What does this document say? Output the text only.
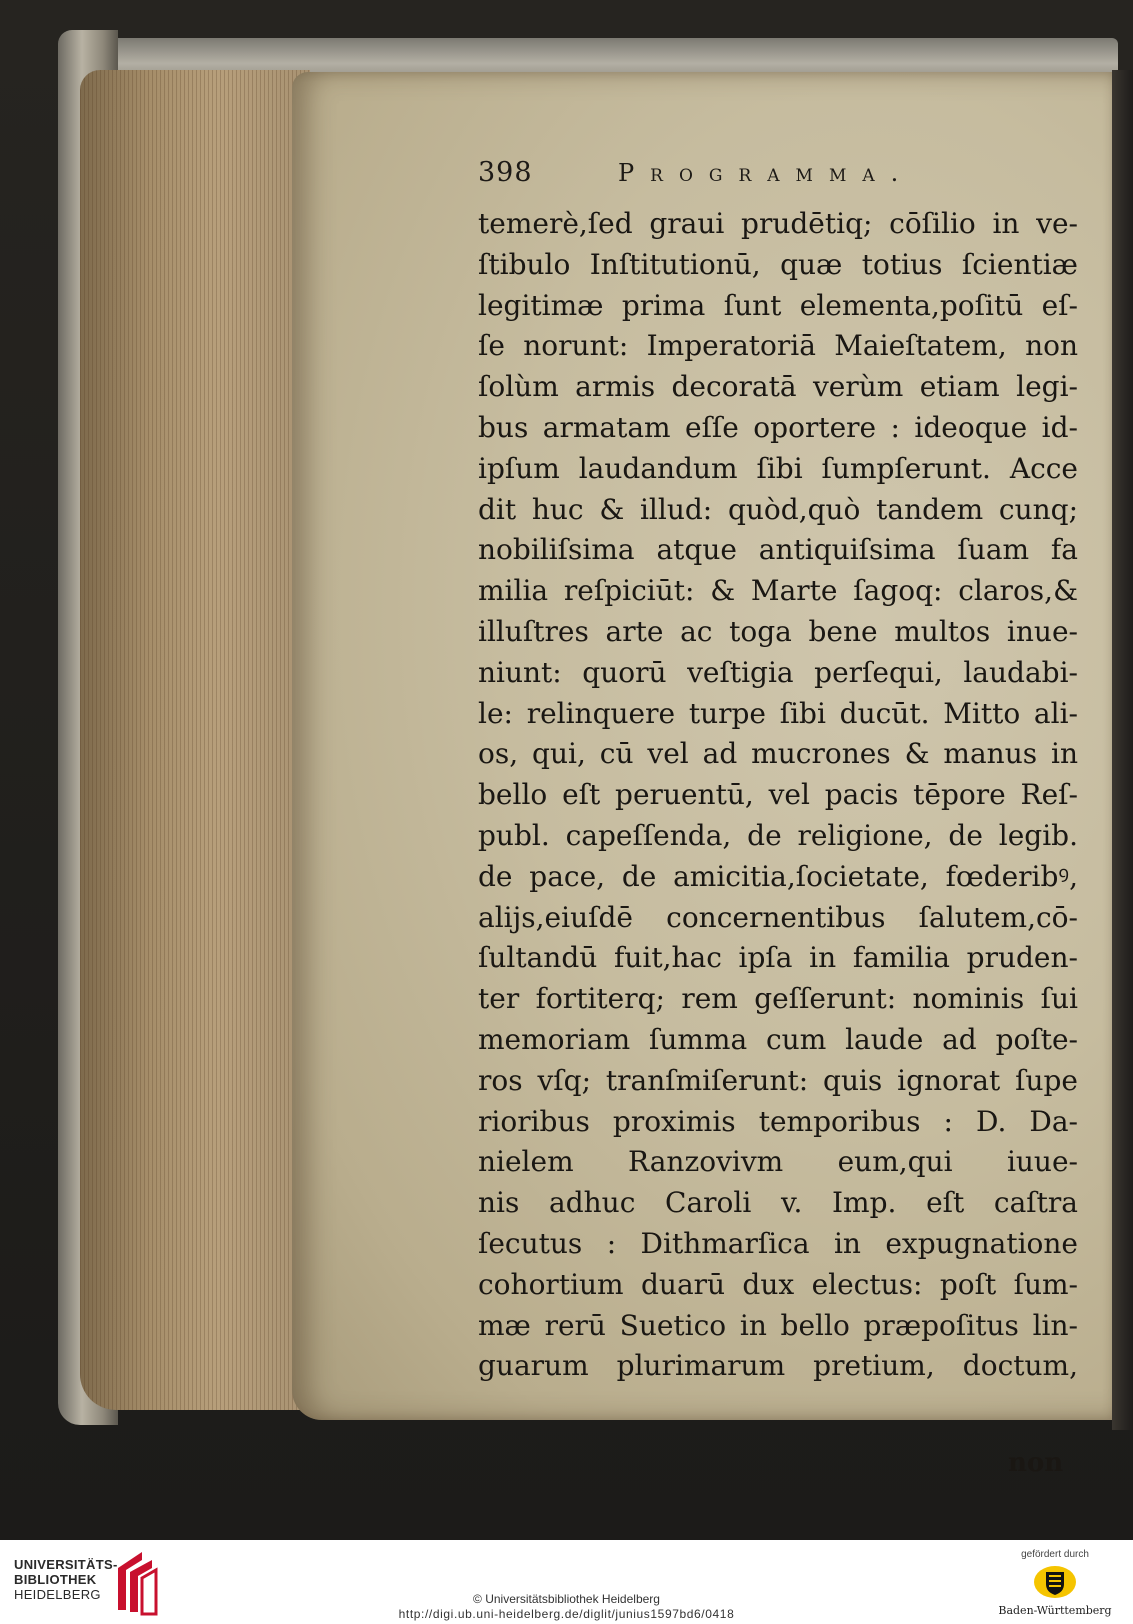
398	Programma.
temerè,ſed graui prudētiq; cōſilio in ve-
ſtibulo Inſtitutionū, quæ totius ſcientiæ
legitimæ prima ſunt elementa,poſitū eſ-
ſe norunt: Imperatoriā Maieſtatem, non
ſolùm armis decoratā verùm etiam legi-
bus armatam eſſe oportere : ideoque id-
ipſum laudandum ſibi ſumpſerunt. Acce
dit huc & illud: quòd,quò tandem cunq;
nobiliſsima atque antiquiſsima ſuam fa
milia reſpiciūt: & Marte ſagoq: claros,&
illuſtres arte ac toga bene multos inue-
niunt: quorū veſtigia perſequi, laudabi-
le: relinquere turpe ſibi ducūt. Mitto ali-
os, qui, cū vel ad mucrones & manus in
bello eſt peruentū, vel pacis tēpore Reſ-
publ. capeſſenda, de religione, de legib.
de pace, de amicitia,ſocietate, fœderibꝰ,
alijs,eiuſdē concernentibus ſalutem,cō-
ſultandū fuit,hac ipſa in familia pruden-
ter fortiterq; rem geſſerunt: nominis ſui
memoriam ſumma cum laude ad poſte-
ros vſq; tranſmiſerunt: quis ignorat ſupe
rioribus proximis temporibus : D. Da-
nielem Ranzovivm eum,qui iuue-
nis adhuc Caroli v. Imp. eſt caſtra
ſecutus : Dithmarſica in expugnatione
cohortium duarū dux electus: poſt ſum-
mæ rerū Suetico in bello præpoſitus lin-
guarum plurimarum pretium, doctum,
non
UNIVERSITÄTS-
BIBLIOTHEK
HEIDELBERG	© Universitätsbibliothek Heidelberg
http://digi.ub.uni-heidelberg.de/diglit/junius1597bd6/0418
gefördert durch
Baden-Württemberg
